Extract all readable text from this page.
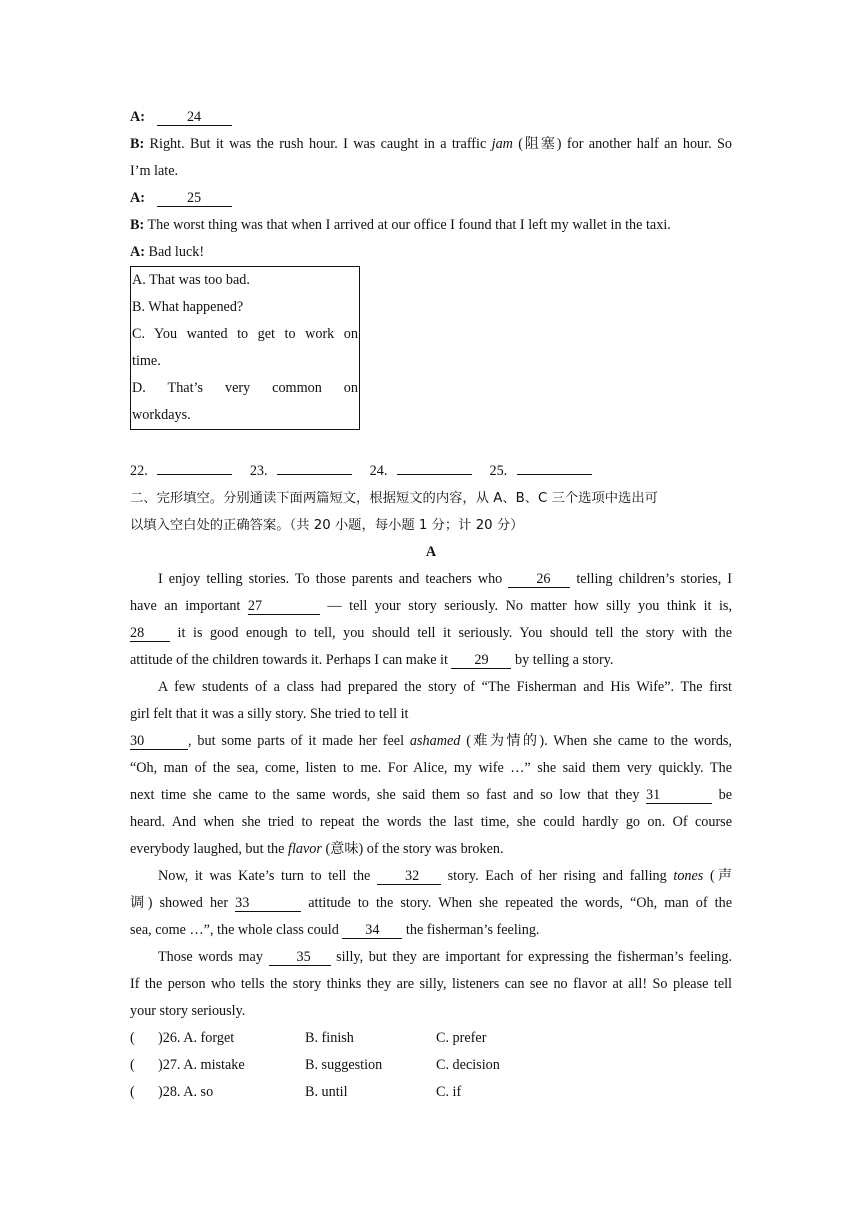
A:	24
B: Right. But it was the rush hour. I was caught in a traffic jam (阻塞) for another half an hour. So
I’m late.
A:	25
B: The worst thing was that when I arrived at our office I found that I left my wallet in the taxi.
A: Bad luck!
A. That was too bad.
B. What happened?
C. You wanted to get to work on
time.
D. That’s very common on
workdays.
22.	23.	24.	25.
二、完形填空。分别通读下面两篇短文，根据短文的内容，从 A、B、C 三个选项中选出可
以填入空白处的正确答案。（共 20 小题，每小题 1 分；计 20 分）
A
I enjoy telling stories. To those parents and teachers who 26 telling children’s stories, I
have an important 27	— tell your story seriously. No matter how silly you think it is,
28 it is good enough to tell, you should tell it seriously. You should tell the story with the
attitude of the children towards it. Perhaps I can make it 29 by telling a story.
A few students of a class had prepared the story of “The Fisherman and His Wife”. The first
girl felt that it was a silly story. She tried to tell it
30	, but some parts of it made her feel ashamed (难为情的). When she came to the words,
“Oh, man of the sea, come, listen to me. For Alice, my wife …” she said them very quickly. The
next time she came to the same words, she said them so fast and so low that they 31	be
heard. And when she tried to repeat the words the last time, she could hardly go on. Of course
everybody laughed, but the flavor (意味) of the story was broken.
Now, it was Kate’s turn to tell the 32 story. Each of her rising and falling tones (声
调) showed her 33	attitude to the story. When she repeated the words, “Oh, man of the
sea, come …”, the whole class could 34 the fisherman’s feeling.
Those words may 35 silly, but they are important for expressing the fisherman’s feeling.
If the person who tells the story thinks they are silly, listeners can see no flavor at all! So please tell
your story seriously.
(	)26. A. forget	B. finish	C. prefer
(	)27. A. mistake	B. suggestion	C. decision
(	)28. A. so	B. until	C. if
